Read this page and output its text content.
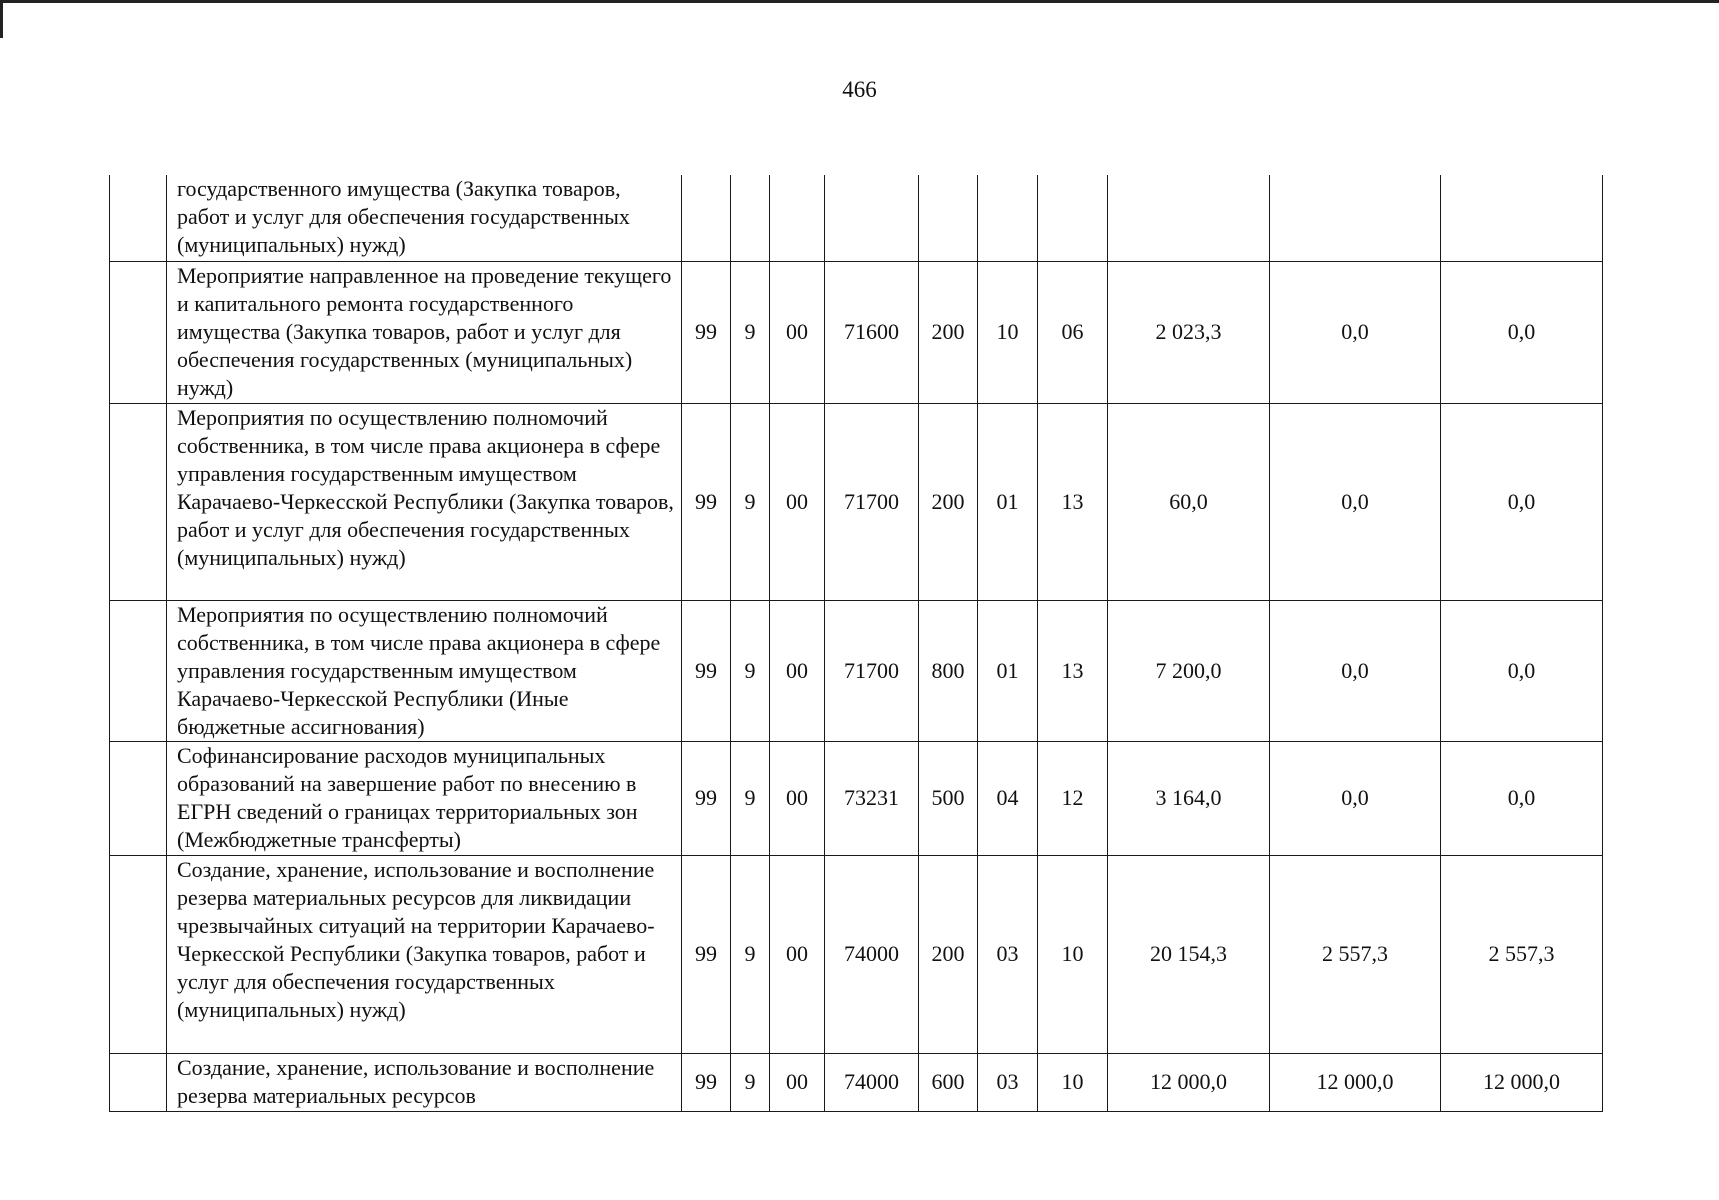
466
	государственного имущества (Закупка товаров, работ и услуг для обеспечения государственных (муниципальных) нужд)										
	Мероприятие направленное на проведение текущего и капитального ремонта государственного имущества (Закупка товаров, работ и услуг для обеспечения государственных (муниципальных) нужд)	99	9	00	71600	200	10	06	2 023,3	0,0	0,0
	Мероприятия по осуществлению полномочий собственника, в том числе права акционера в сфере управления государственным имуществом Карачаево-Черкесской Республики (Закупка товаров, работ и услуг для обеспечения государственных (муниципальных) нужд)	99	9	00	71700	200	01	13	60,0	0,0	0,0
	Мероприятия по осуществлению полномочий собственника, в том числе права акционера в сфере управления государственным имуществом Карачаево-Черкесской Республики (Иные бюджетные ассигнования)	99	9	00	71700	800	01	13	7 200,0	0,0	0,0
	Софинансирование расходов муниципальных образований на завершение работ по внесению в ЕГРН сведений о границах территориальных зон (Межбюджетные трансферты)	99	9	00	73231	500	04	12	3 164,0	0,0	0,0
	Создание, хранение, использование и восполнение резерва материальных ресурсов для ликвидации чрезвычайных ситуаций на территории Карачаево-Черкесской Республики (Закупка товаров, работ и услуг для обеспечения государственных (муниципальных) нужд)	99	9	00	74000	200	03	10	20 154,3	2 557,3	2 557,3
	Создание, хранение, использование и восполнение резерва материальных ресурсов	99	9	00	74000	600	03	10	12 000,0	12 000,0	12 000,0
